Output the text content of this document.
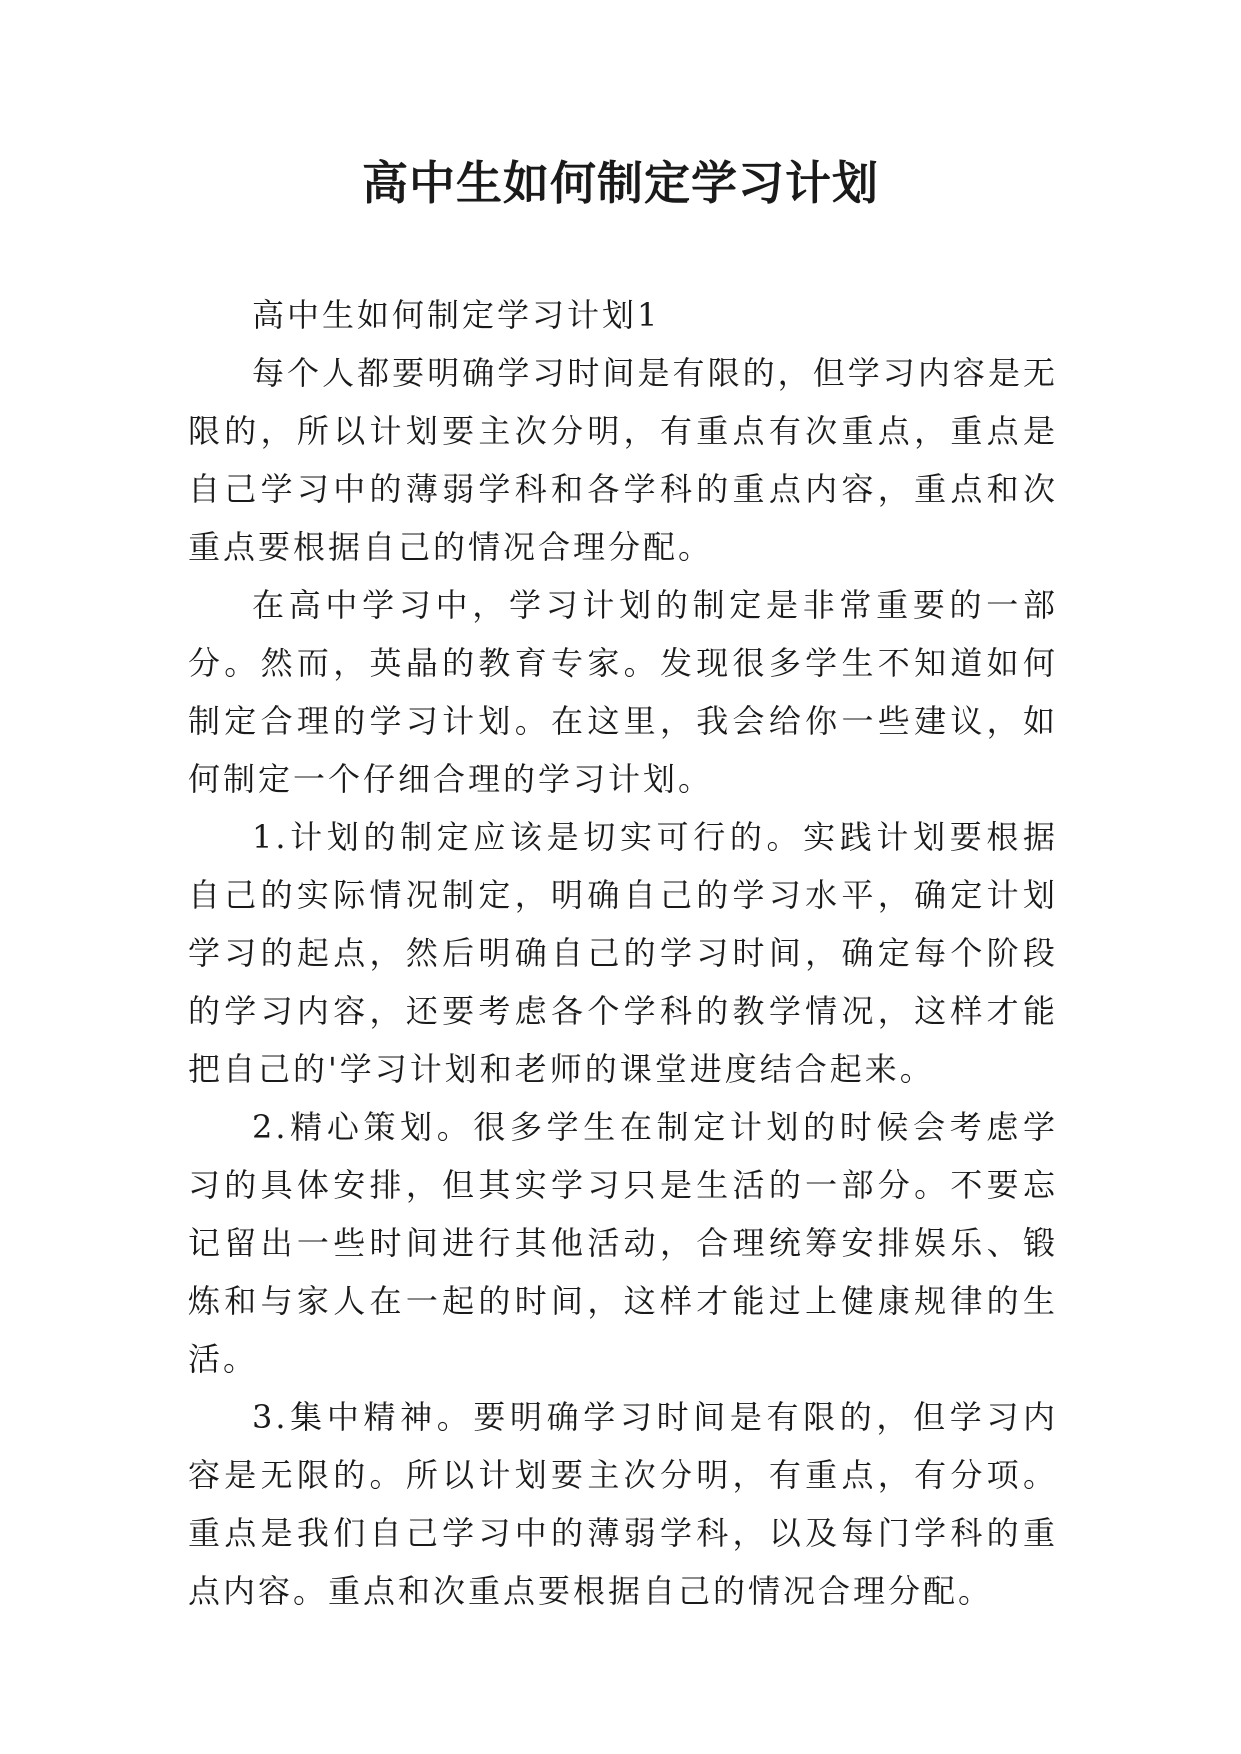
高中生如何制定学习计划

高中生如何制定学习计划1

每个人都要明确学习时间是有限的，但学习内容是无限的，所以计划要主次分明，有重点有次重点，重点是自己学习中的薄弱学科和各学科的重点内容，重点和次重点要根据自己的情况合理分配。

在高中学习中，学习计划的制定是非常重要的一部分。然而，英晶的教育专家。发现很多学生不知道如何制定合理的学习计划。在这里，我会给你一些建议，如何制定一个仔细合理的学习计划。

1.计划的制定应该是切实可行的。实践计划要根据自己的实际情况制定，明确自己的学习水平，确定计划学习的起点，然后明确自己的学习时间，确定每个阶段的学习内容，还要考虑各个学科的教学情况，这样才能把自己的'学习计划和老师的课堂进度结合起来。

2.精心策划。很多学生在制定计划的时候会考虑学习的具体安排，但其实学习只是生活的一部分。不要忘记留出一些时间进行其他活动，合理统筹安排娱乐、锻炼和与家人在一起的时间，这样才能过上健康规律的生活。

3.集中精神。要明确学习时间是有限的，但学习内容是无限的。所以计划要主次分明，有重点，有分项。重点是我们自己学习中的薄弱学科，以及每门学科的重点内容。重点和次重点要根据自己的情况合理分配。
